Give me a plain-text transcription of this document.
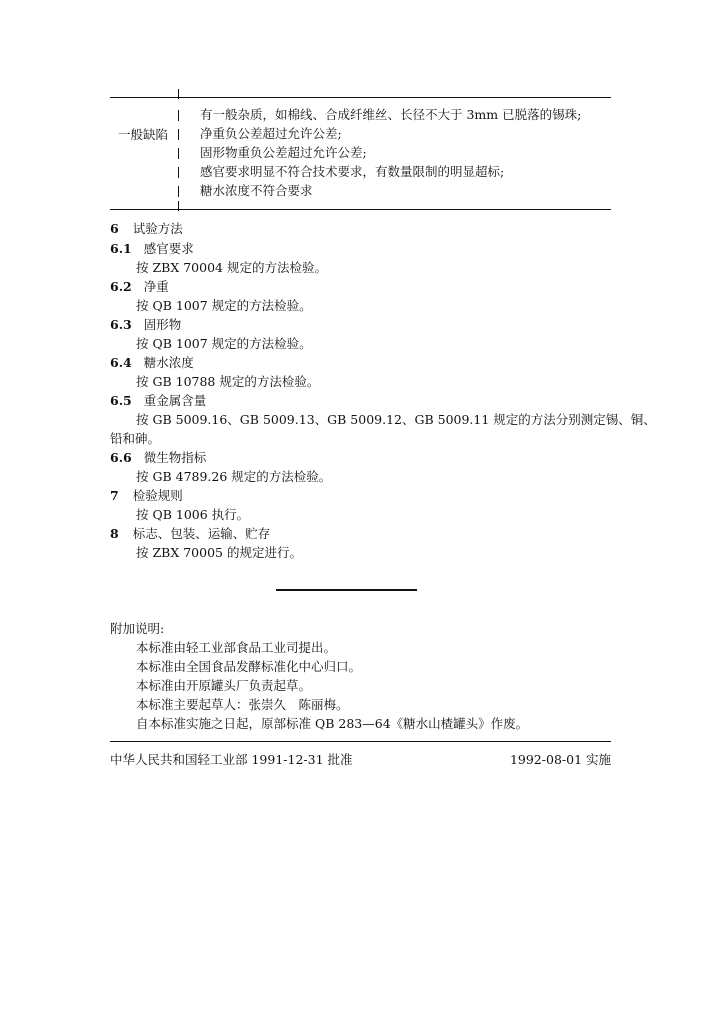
一般缺陷
有一般杂质，如棉线、合成纤维丝、长径不大于 3mm 已脱落的锡珠;
净重负公差超过允许公差;
固形物重负公差超过允许公差;
感官要求明显不符合技术要求，有数量限制的明显超标;
糖水浓度不符合要求
6 试验方法
6.1 感官要求
按 ZBX 70004 规定的方法检验。
6.2 净重
按 QB 1007 规定的方法检验。
6.3 固形物
按 QB 1007 规定的方法检验。
6.4 糖水浓度
按 GB 10788 规定的方法检验。
6.5 重金属含量
按 GB 5009.16、GB 5009.13、GB 5009.12、GB 5009.11 规定的方法分别测定锡、铜、
铅和砷。
6.6 微生物指标
按 GB 4789.26 规定的方法检验。
7 检验规则
按 QB 1006 执行。
8 标志、包装、运输、贮存
按 ZBX 70005 的规定进行。
附加说明:
本标准由轻工业部食品工业司提出。
本标准由全国食品发酵标准化中心归口。
本标准由开原罐头厂负责起草。
本标准主要起草人：张崇久　陈丽梅。
自本标准实施之日起，原部标准 QB 283—64《糖水山楂罐头》作废。
中华人民共和国轻工业部 1991-12-31 批准	1992-08-01 实施
